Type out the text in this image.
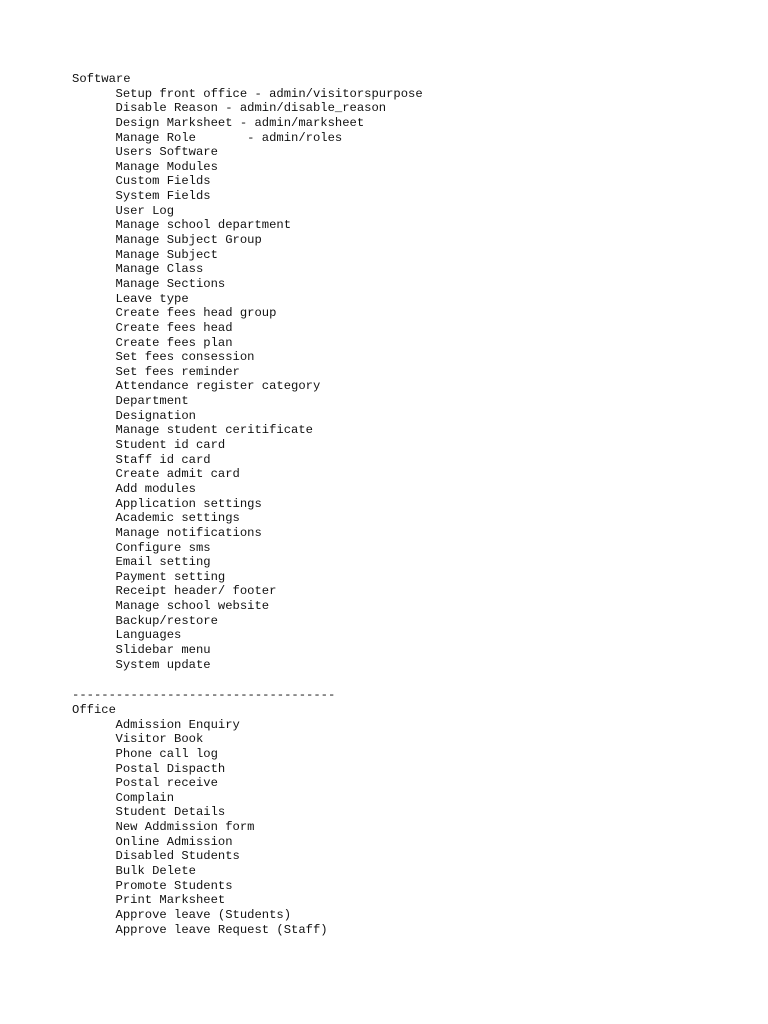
Software
Setup front office - admin/visitorspurpose
Disable Reason - admin/disable_reason
Design Marksheet - admin/marksheet
Manage Role       - admin/roles
Users Software
Manage Modules
Custom Fields
System Fields
User Log
Manage school department
Manage Subject Group
Manage Subject
Manage Class
Manage Sections
Leave type
Create fees head group
Create fees head
Create fees plan
Set fees consession
Set fees reminder
Attendance register category
Department
Designation
Manage student ceritificate
Student id card
Staff id card
Create admit card
Add modules
Application settings
Academic settings
Manage notifications
Configure sms
Email setting
Payment setting
Receipt header/ footer
Manage school website
Backup/restore
Languages
Slidebar menu
System update
------------------------------------
Office
Admission Enquiry
Visitor Book
Phone call log
Postal Dispacth
Postal receive
Complain
Student Details
New Addmission form
Online Admission
Disabled Students
Bulk Delete
Promote Students
Print Marksheet
Approve leave (Students)
Approve leave Request (Staff)
